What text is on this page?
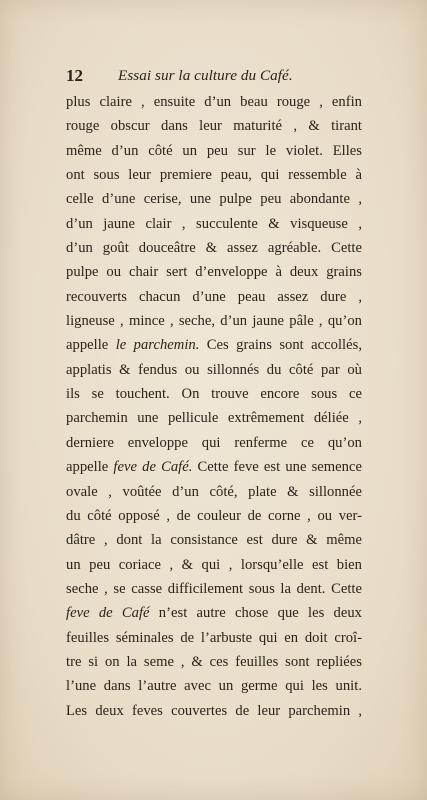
12 Essai sur la culture du Café.
plus claire , ensuite d’un beau rouge , enfin
rouge obscur dans leur maturité , & tirant
même d’un côté un peu sur le violet. Elles
ont sous leur premiere peau, qui ressemble à
celle d’une cerise, une pulpe peu abondante ,
d’un jaune clair , succulente & visqueuse ,
d’un goût douceâtre & assez agréable. Cette
pulpe ou chair sert d’enveloppe à deux grains
recouverts chacun d’une peau assez dure ,
ligneuse , mince , seche, d’un jaune pâle , qu’on
appelle le parchemin. Ces grains sont accollés,
applatis & fendus ou sillonnés du côté par où
ils se touchent. On trouve encore sous ce
parchemin une pellicule extrêmement déliée ,
derniere enveloppe qui renferme ce qu’on
appelle feve de Café. Cette feve est une semence
ovale , voûtée d’un côté, plate & sillonnée
du côté opposé , de couleur de corne , ou ver-
dâtre , dont la consistance est dure & même
un peu coriace , & qui , lorsqu’elle est bien
seche , se casse difficilement sous la dent. Cette
feve de Café n’est autre chose que les deux
feuilles séminales de l’arbuste qui en doit croî-
tre si on la seme , & ces feuilles sont repliées
l’une dans l’autre avec un germe qui les unit.
Les deux feves couvertes de leur parchemin ,
